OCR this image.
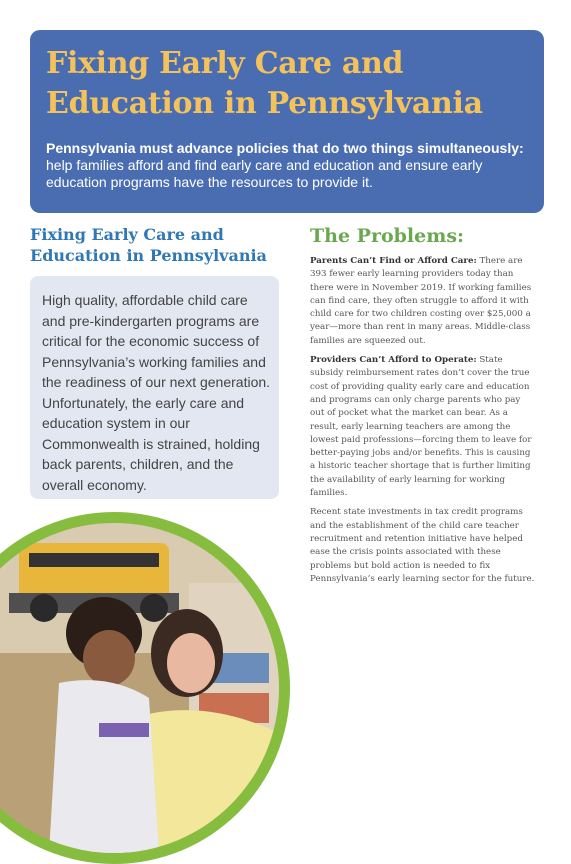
Fixing Early Care and Education in Pennsylvania

Pennsylvania must advance policies that do two things simultaneously: help families afford and find early care and education and ensure early education programs have the resources to provide it.

Fixing Early Care and Education in Pennsylvania

High quality, affordable child care and pre-kindergarten programs are critical for the economic success of Pennsylvania’s working families and the readiness of our next generation. Unfortunately, the early care and education system in our Commonwealth is strained, holding back parents, children, and the overall economy.

The Problems:

Parents Can’t Find or Afford Care: There are 393 fewer early learning providers today than there were in November 2019. If working families can find care, they often struggle to afford it with child care for two children costing over $25,000 a year—more than rent in many areas. Middle-class families are squeezed out.

Providers Can’t Afford to Operate: State subsidy reimbursement rates don’t cover the true cost of providing quality early care and education and programs can only charge parents who pay out of pocket what the market can bear. As a result, early learning teachers are among the lowest paid professions—forcing them to leave for better-paying jobs and/or benefits. This is causing a historic teacher shortage that is further limiting the availability of early learning for working families.

Recent state investments in tax credit programs and the establishment of the child care teacher recruitment and retention initiative have helped ease the crisis points associated with these problems but bold action is needed to fix Pennsylvania’s early learning sector for the future.
